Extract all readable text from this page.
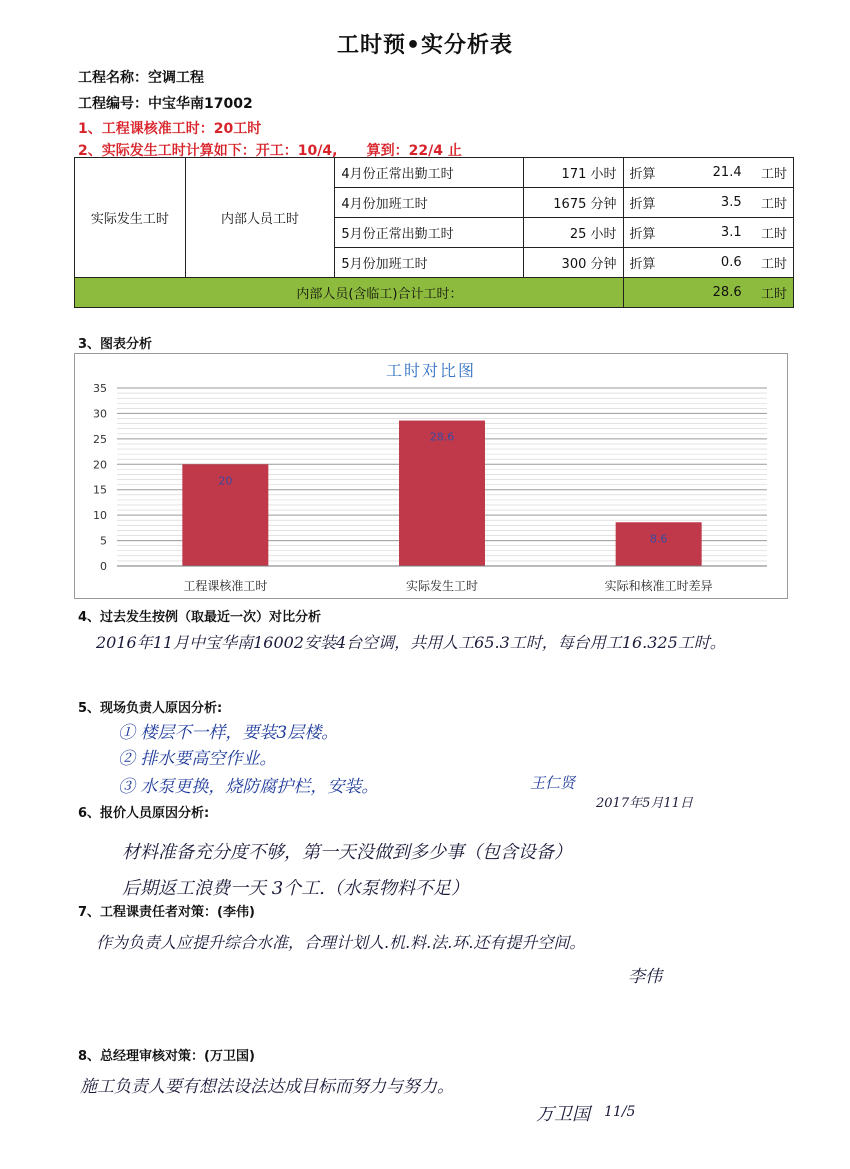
工时预•实分析表
工程名称：空调工程
工程编号：中宝华南17002
1、工程课核准工时：20工时
2、实际发生工时计算如下：开工：10/4,      算到：22/4 止
实际发生工时	内部人员工时	4月份正常出勤工时	171 小时	折算	21.4	工时
		4月份加班工时	1675 分钟	折算	3.5	工时
		5月份正常出勤工时	25 小时	折算	3.1	工时
		5月份加班工时	300 分钟	折算	0.6	工时
内部人员(含临工)合计工时：					28.6	工时
3、图表分析
工时对比图
0
5
10
15
20
25
30
35
20
工程课核准工时
28.6
实际发生工时
8.6
实际和核准工时差异
4、过去发生按例（取最近一次）对比分析
2016年11月中宝华南16002安装4台空调，共用人工65.3工时，每台用工16.325工时。
5、现场负责人原因分析:
① 楼层不一样，要装3层楼。
② 排水要高空作业。
③ 水泵更换，烧防腐护栏，安装。	王仁贤
2017年5月11日
6、报价人员原因分析:
材料准备充分度不够，第一天没做到多少事（包含设备）
后期返工浪费一天 3个工.（水泵物料不足）
7、工程课责任者对策：(李伟)
作为负责人应提升综合水准，合理计划人.机.料.法.环.还有提升空间。
李伟
8、总经理审核对策：(万卫国)
施工负责人要有想法设法达成目标而努力与努力。
万卫国 11/5
